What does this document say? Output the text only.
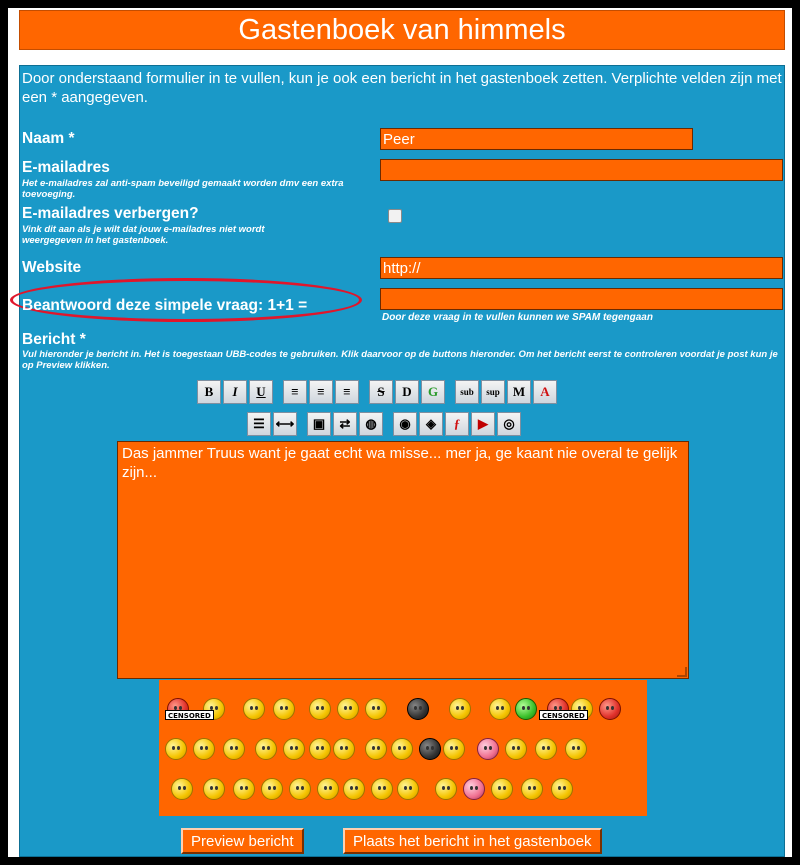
Gastenboek van himmels
Door onderstaand formulier in te vullen, kun je ook een bericht in het gastenboek zetten. Verplichte velden zijn met een * aangegeven.
Naam *
Peer
E-mailadres
Het e-mailadres zal anti-spam beveiligd gemaakt worden dmv een extra toevoeging.
E-mailadres verbergen?
Vink dit aan als je wilt dat jouw e-mailadres niet wordt weergegeven in het gastenboek.
Website
http://
Beantwoord deze simpele vraag: 1+1 =
Door deze vraag in te vullen kunnen we SPAM tegengaan
Bericht *
Vul hieronder je bericht in. Het is toegestaan UBB-codes te gebruiken. Klik daarvoor op de buttons hieronder. Om het bericht eerst te controleren voordat je post kun je op Preview klikken.
B I U ≡ ≡ ≡ S D G sub sup M A
☰ ⟷ ▣ ⇄ ◍ ◉ ◈ ƒ ▶ ◎
Das jammer Truus want je gaat echt wa misse... mer ja, ge kaant nie overal te gelijk zijn...
CENSORED	CENSORED
Preview bericht	Plaats het bericht in het gastenboek
